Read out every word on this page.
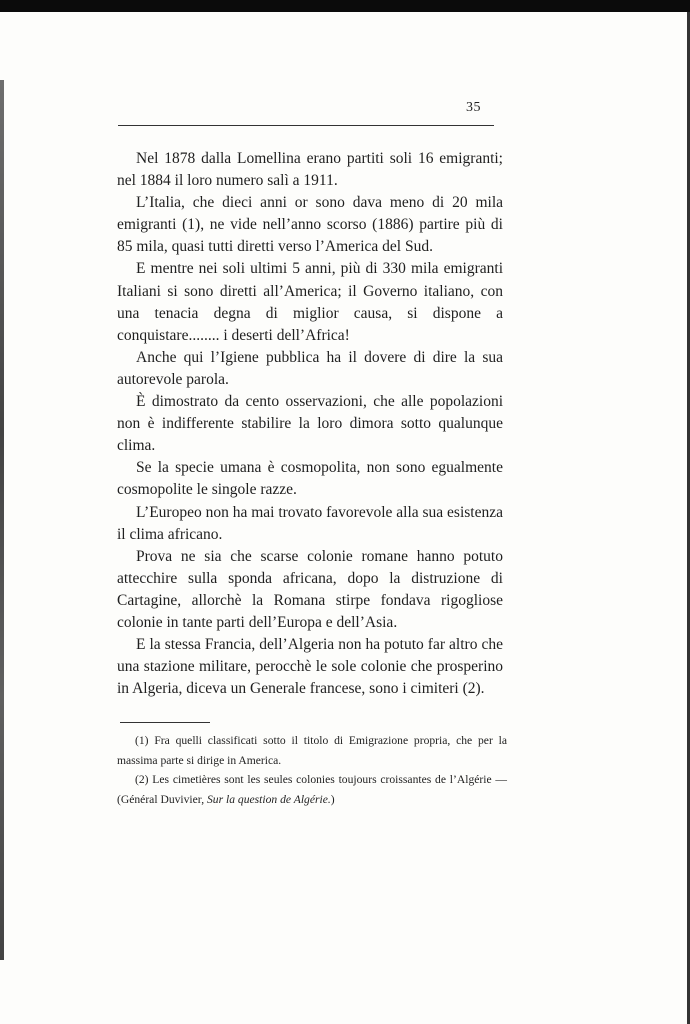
35

Nel 1878 dalla Lomellina erano partiti soli 16 emigranti; nel 1884 il loro numero salì a 1911.

L’Italia, che dieci anni or sono dava meno di 20 mila emigranti (1), ne vide nell’anno scorso (1886) partire più di 85 mila, quasi tutti diretti verso l’America del Sud.

E mentre nei soli ultimi 5 anni, più di 330 mila emigranti Italiani si sono diretti all’America; il Governo italiano, con una tenacia degna di miglior causa, si dispone a conquistare........ i deserti dell’Africa!

Anche qui l’Igiene pubblica ha il dovere di dire la sua autorevole parola.

È dimostrato da cento osservazioni, che alle popolazioni non è indifferente stabilire la loro dimora sotto qualunque clima.

Se la specie umana è cosmopolita, non sono egualmente cosmopolite le singole razze.

L’Europeo non ha mai trovato favorevole alla sua esistenza il clima africano.

Prova ne sia che scarse colonie romane hanno potuto attecchire sulla sponda africana, dopo la distruzione di Cartagine, allorchè la Romana stirpe fondava rigogliose colonie in tante parti dell’Europa e dell’Asia.

E la stessa Francia, dell’Algeria non ha potuto far altro che una stazione militare, perocchè le sole colonie che prosperino in Algeria, diceva un Generale francese, sono i cimiteri (2).

(1) Fra quelli classificati sotto il titolo di Emigrazione propria, che per la massima parte si dirige in America.

(2) Les cimetières sont les seules colonies toujours croissantes de l’Algérie — (Général Duvivier, Sur la question de Algérie.)
